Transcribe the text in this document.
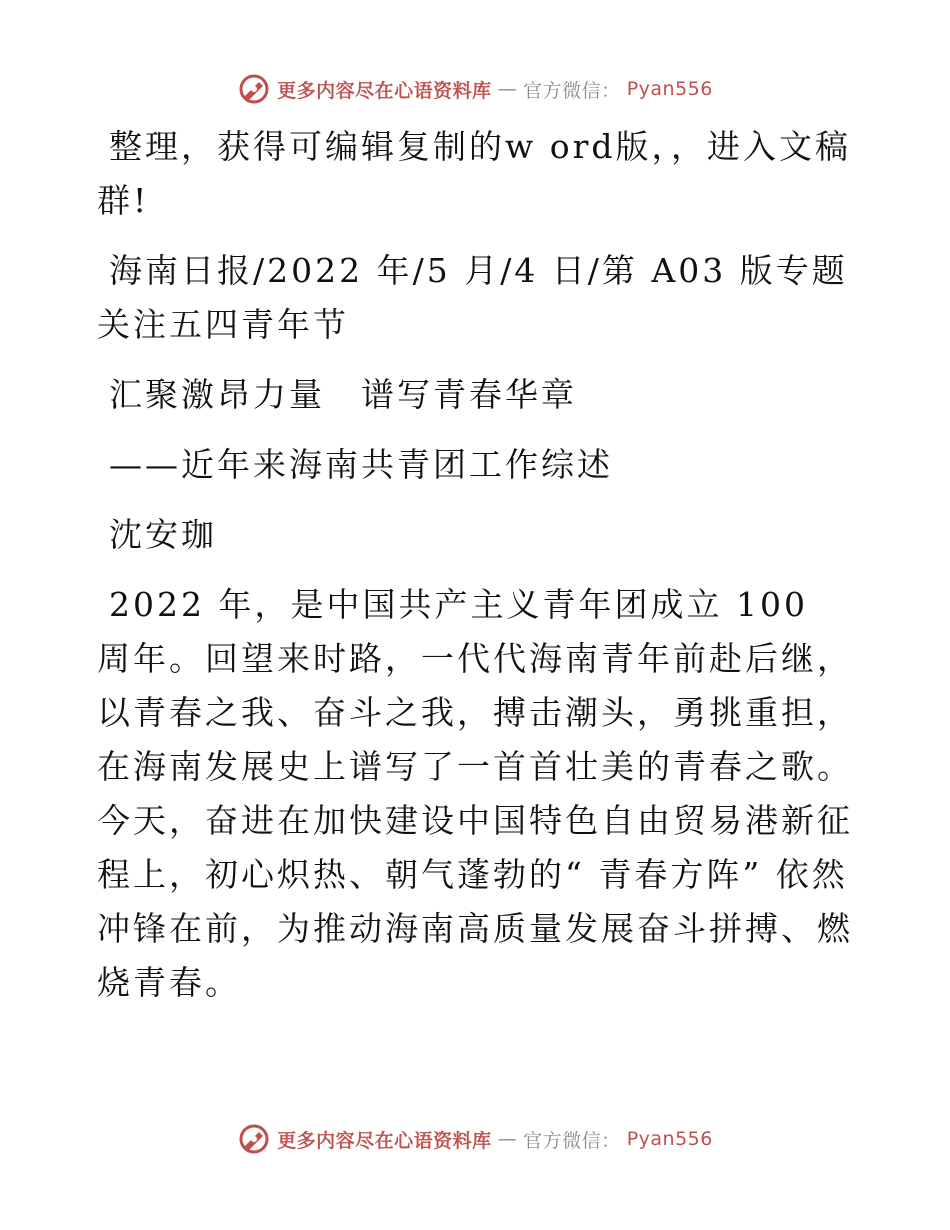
更多内容尽在心语资料库 — 官方微信： Pyan556

整理，获得可编辑复制的w ord版，，进入文稿群!

海南日报/2022 年/5 月/4 日/第 A03 版专题 关注五四青年节

汇聚激昂力量　谱写青春华章

——近年来海南共青团工作综述

沈安珈

2022 年，是中国共产主义青年团成立 100 周年。回望来时路，一代代海南青年前赴后继，以青春之我、奋斗之我，搏击潮头，勇挑重担，在海南发展史上谱写了一首首壮美的青春之歌。今天，奋进在加快建设中国特色自由贸易港新征程上，初心炽热、朝气蓬勃的“ 青春方阵” 依然冲锋在前，为推动海南高质量发展奋斗拼搏、燃烧青春。

更多内容尽在心语资料库 — 官方微信： Pyan556
